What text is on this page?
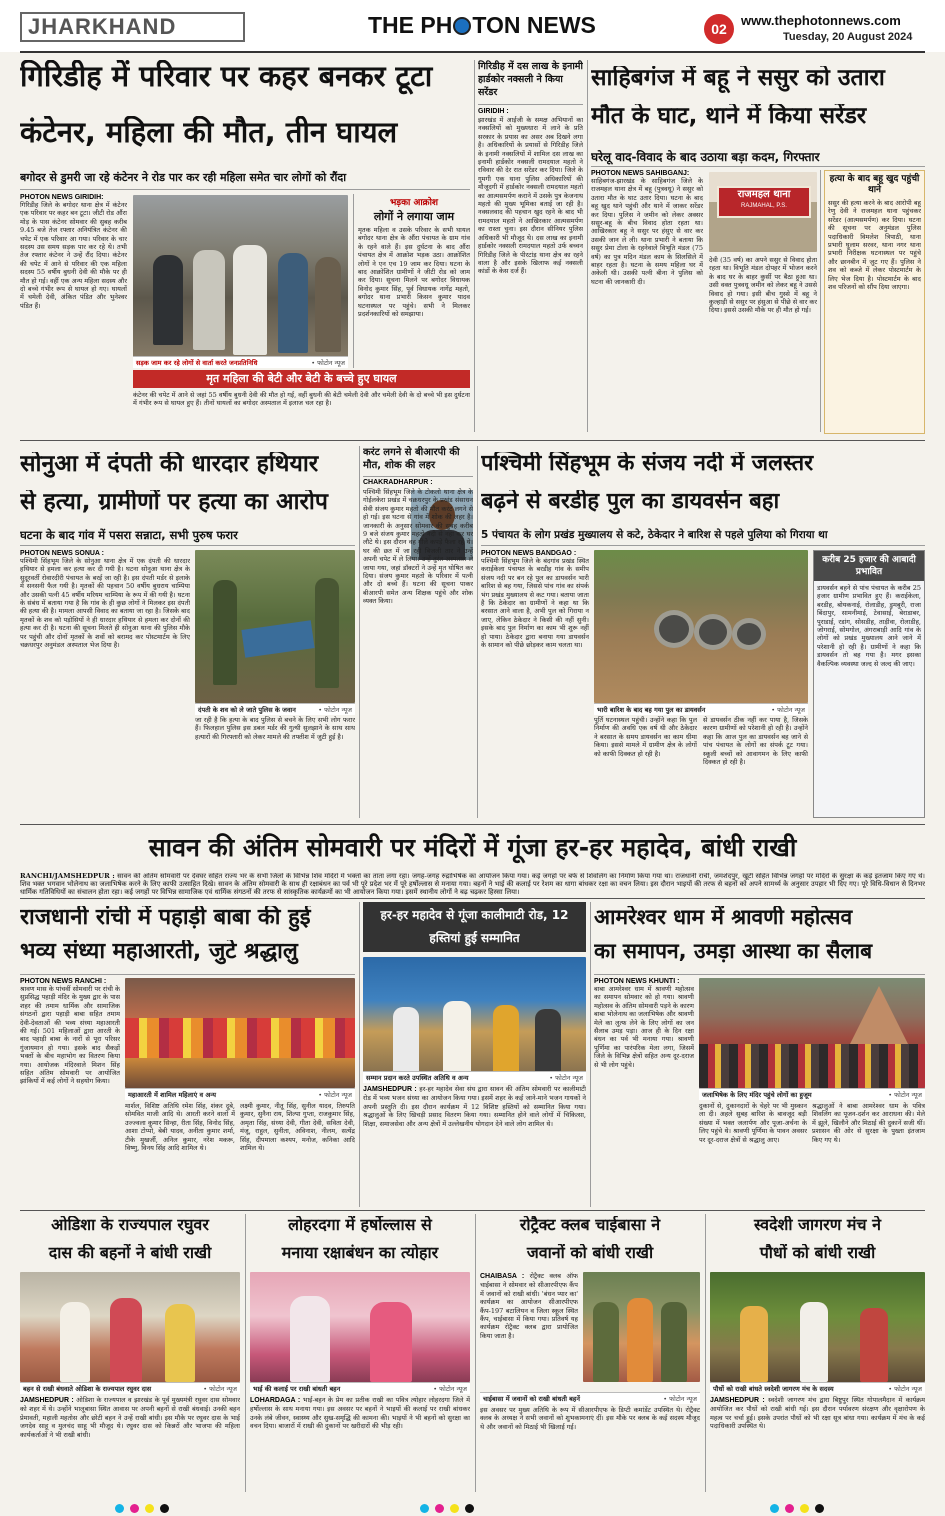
JHARKHAND	THE PH TON NEWS	02
www.thephotonnews.com
Tuesday, 20 August 2024
गिरिडीह में परिवार पर कहर बनकर टूटा
कंटेनर, महिला की मौत, तीन घायल
बगोदर से डुमरी जा रहे कंटेनर ने रोड पार कर रही महिला समेत चार लोगों को रौंदा
PHOTON NEWS GIRIDIH:
गिरिडीह जिले के बगोदर थाना क्षेत्र में कंटेनर एक परिवार पर कहर बन टूटा। जीटी रोड औंरा मोड़ के पास कंटेनर सोमवार की सुबह करीब 9.45 बजे तेज रफ्तार अनियंत्रित कंटेनर की चपेट में एक परिवार आ गया। परिवार के चार सदस्य उस समय सड़क पार कर रहे थे। तभी तेज रफ्तार कंटेनर ने उन्हें रौंद दिया। कंटेनर की चपेट में आने से परिवार की एक महिला सदस्य 55 वर्षीय बुधनी देवी की मौके पर ही मौत हो गई। वहीं एक अन्य महिला सदस्य और दो बच्चे गंभीर रूप से घायल हो गए। घायलों में चमेली देवी, अंकित पंडित और भुनेश्वर पंडित हैं।
• फोटोन न्यूज
सड़क जाम कर रहे लोगों से वार्ता करते जनप्रतिनिधि
भड़का आक्रोश
लोगों ने लगाया जाम
मृतक महिला व उसके परिवार के सभी घायल बगोदर थाना क्षेत्र के औंरा पंचायत के ग्राम गांव के रहने वाले हैं। इस दुर्घटना के बाद औंरा पंचायत क्षेत्र में आक्रोश भड़क उठा। आक्रोशित लोगों ने एन एच 19 जाम कर दिया। घटना के बाद आक्रोशित ग्रामीणों ने जीटी रोड को जाम कर दिया। सूचना मिलने पर बगोदर विधायक विनोद कुमार सिंह, पूर्व विधायक नागेंद्र महतो, बगोदर थाना प्रभारी किसन कुमार यादव घटनास्थल पर पहुंचे। सभी ने मिलकर प्रदर्शनकारियों को समझाया।
मृत महिला की बेटी और बेटी के बच्चे हुए घायल
कंटेनर की चपेट में आने से जहां 55 वर्षीय बुधनी देवी की मौत हो गई, वहीं बुधनी की बेटी चमेली देवी और चमेली देवी के दो बच्चे भी इस दुर्घटना में गंभीर रूप से घायल हुए हैं। तीनों घायलों का बगोदर अस्पताल में इलाज चल रहा है।
गिरिडीह में दस लाख के इनामी हार्डकोर नक्सली ने किया सरेंडर
GIRIDIH :
झारखंड में आईजी के समक्ष अभियानों का नक्सलियों को मुख्यधारा में लाने के प्रति सरकार के प्रयास का असर अब दिखने लगा है। अधिकारियों के प्रयासों से गिरिडीह जिले के इनामी नक्सलियों में शामिल दस लाख का इनामी हार्डकोर नक्सली रामदयाल महतो ने रविवार की देर रात सरेंडर कर दिया। जिले के गुमगी एक थाना पुलिस अधिकारियों की मौजूदगी में हार्डकोर नक्सली रामदयाल महतो का आत्मसमर्पण कराने में उसके पुत्र केजनाथ महतो की मुख्य भूमिका बताई जा रही है। नक्सलवाद की पहचान खुद रहने के बाद भी रामदयाल महतो ने आखिरकार आत्मसमर्पण का रास्ता चुना। इस दौरान सीनियर पुलिस अधिकारी भी मौजूद थे। दस लाख का इनामी हार्डकोर नक्सली रामदयाल महतो उर्फ बच्चन गिरिडीह जिले के पीरटांड़ थाना क्षेत्र का रहने वाला है और इसके खिलाफ कई नक्सली कांडों के केस दर्ज हैं।
साहिबगंज में बहू ने ससुर को उतारा
मौत के घाट, थाने में किया सरेंडर
घरेलू वाद-विवाद के बाद उठाया बड़ा कदम, गिरफ्तार
PHOTON NEWS SAHIBGANJ:
साहिबगंज-झारखंड के साहिबगंज जिले के राजमहल थाना क्षेत्र में बहू (पुत्रवधू) ने ससुर को उतारा मौत के घाट उतार दिया। घटना के बाद बहू खुद थाने पहुंची और थाने में जाकर सरेंडर कर दिया। पुलिस ने जमीन को लेकर अक्सर ससुर-बहू के बीच विवाद होता रहता था। आखिरकार बहू ने ससुर पर हंसुए से वार कर उसकी जान ले ली। थाना प्रभारी ने बताया कि ससुर प्रेमा टोला के रहनेवाले विभूति मंडल (75 वर्ष) का पुत्र मदिन मंडल काम के सिलसिले में बाहर रहता है। घटना के समय महिला घर में अकेली थी। उसकी पत्नी बीना ने पुलिस को घटना की जानकारी दी।
राजमहल थाना
RAJMAHAL, P.S.
देवी (35 वर्ष) का अपने ससुर से विवाद होता रहता था। विभूति मंडल दोपहर में भोजन करने के बाद घर के बाहर कुर्सी पर बैठा हुआ था। उसी वक्त पुत्रवधू जमीन को लेकर बहू ने उससे विवाद हो गया। इसी बीच गुस्से में बहू ने कुल्हाड़ी से ससुर पर हंसुआ से पीछे से वार कर दिया। इससे उसकी मौके पर ही मौत हो गई।
हत्या के बाद बहू खुद पहुंची थाने
ससुर की हत्या करने के बाद आरोपी बहू रेणु देवी ने राजमहल थाना पहुंचकर सरेंडर (आत्मसमर्पण) कर दिया। घटना की सूचना पर अनुमंडल पुलिस पदाधिकारी विमलेश त्रिपाठी, थाना प्रभारी घुलाम सरवर, थाना नगर थाना प्रभारी निरीक्षक घटनास्थल पर पहुंचे और छानबीन में जुट गए हैं। पुलिस ने शव को कब्जे में लेकर पोस्टमार्टम के लिए भेज दिया है। पोस्टमार्टम के बाद शव परिजनों को सौंप दिया जाएगा।
सोनुआ में दंपती की धारदार हथियार
से हत्या, ग्रामीणों पर हत्या का आरोप
घटना के बाद गांव में पसरा सन्नाटा, सभी पुरुष फरार
PHOTON NEWS SONUA :
पश्चिमी सिंहभूम जिले के सोनुआ थाना क्षेत्र में एक दंपती की धारदार हथियार से हमला कर हत्या कर दी गयी है। घटना सोनुआ थाना क्षेत्र के सुदूरवर्ती रोवारदीरी पंचायत के बरई जा रही है। इस दंपती मर्डर से इलाके में सनसनी फैल गयी है। मृतकों की पहचान 50 वर्षीय बुधराय चाम्पिया और उसकी पत्नी 45 वर्षीय मरियम चाम्पिया के रूप में की गयी है। घटना के संबंध में बताया गया है कि गांव के ही कुछ लोगों ने मिलकर इस दंपती की हत्या की है। मामला आपसी विवाद का बताया जा रहा है। जिसके बाद मृतकों के शव को पड़ोसियों ने ही धारदार हथियार से हमला कर दोनों की हत्या कर दी है। घटना की सूचना मिलते ही सोनुआ थाना की पुलिस मौके पर पहुंची और दोनों मृतकों के शवों को बरामद कर पोस्टमार्टम के लिए चक्रधरपुर अनुमंडल अस्पताल भेज दिया है।
• फोटोन न्यूज
दंपती के शव को ले जाते पुलिस के जवान
जा रही है कि हत्या के बाद पुलिस से बचने के लिए सभी लोग फरार हैं। फिलहाल पुलिस इस डबल मर्डर की गुत्थी सुलझाने के साथ साथ हत्यारों की गिरफ्तारी को लेकर मामले की तफ्तीश में जुटी हुई है।
करंट लगने से बीआरपी की मौत, शोक की लहर
CHAKRADHARPUR :
पश्चिमी सिंहभूम जिले के टोकलो थाना क्षेत्र के गोईलकेरा प्रखंड में चक्रधरपुर के प्रखंड संसाधन सेवी संजय कुमार महतो की मौत करंट लगने से हो गई। इस घटना से गांव में शोक की लहर है। जानकारी के अनुसार सोमवार की सुबह करीब 9 बजे संजय कुमार महतो नदी से नहा कर घर लौटे थे। इस दौरान वह गीले कपड़े फैला रहे थे। घर की छत में जा रही बिजली तार ने उन्हें अपनी चपेट में ले लिया। उन्हें तुरंत अस्पताल ले जाया गया, जहां डॉक्टरों ने उन्हें मृत घोषित कर दिया। संजय कुमार महतो के परिवार में पत्नी और दो बच्चे हैं। घटना की सूचना पाकर बीआरपी समेत अन्य शिक्षक पहुंचे और शोक व्यक्त किया।
पश्चिमी सिंहभूम के संजय नदी में जलस्तर
बढ़ने से बरडीह पुल का डायवर्सन बहा
5 पंचायत के लोग प्रखंड मुख्यालय से कटे, ठेकेदार ने बारिश से पहले पुलिया को गिराया था
PHOTON NEWS BANDGAO :
पश्चिमी सिंहभूम जिले के बंदगांव प्रखंड स्थित कराईकेला पंचायत के बरडीह गांव के समीप संजय नदी पर बन रहे पुल का डायवर्सन भारी बारिश से बह गया, जिससे पांच गांव का संपर्क भंग प्रखंड मुख्यालय से कट गया। बताया जाता है कि ठेकेदार का ग्रामीणों ने कहा था कि बरसात आने वाला है, अभी पुल को गिराया न जाए, लेकिन ठेकेदार ने किसी की नहीं सुनी। इसके बाद पुल निर्माण का काम भी शुरू नहीं हो पाया। ठेकेदार द्वारा बनाया गया डायवर्सन के सामान को पीछे छोड़कर काम चलता था।
• फोटोन न्यूज
भारी बारिश के बाद बह गया पुल का डायवर्सन
पूर्ति घटनास्थल पहुंची। उन्होंने कहा कि पुल निर्माण की अवधि एक वर्ष थी और ठेकेदार ने बरसात के समय डायवर्सन का काम धीमा किया। इससे मामले में ग्रामीण क्षेत्र के लोगों को काफी दिक्कत हो रही है।
से डायवर्सन ठीक नहीं कर पाया है, जिसके कारण ग्रामीणों को परेशानी हो रही है। उन्होंने कहा कि आज पुल का डायवर्सन बह जाने से पांच पंचायत के लोगों का संपर्क टूट गया। स्कूली बच्चों को आवागमन के लिए काफी दिक्कत हो रही है।
करीब 25 हजार की आबादी प्रभावित
डायवर्सन बहने से पांच पंचायत के करीब 25 हजार ग्रामीण प्रभावित हुए हैं। कराईकेला, बरडीह, बोयकनाई, रोलाडीह, डुमबुरी, राजा बिंदापुर, सामनीमाई, टेवासाई, बेराडाबर, पुराडाई, रडांग, सोसडीह, ताड़ीवा, रोलाडीह, जोगराई, सोमगोल, अंगराबाड़ी आदि गांव के लोगों को प्रखंड मुख्यालय आने जाने में परेशानी हो रही है। ग्रामीणों ने कहा कि डायवर्सन तो बह गया है। मगर इसका वैकल्पिक व्यवस्था जल्द से जल्द की जाए।
सावन की अंतिम सोमवारी पर मंदिरों में गूंजा हर-हर महादेव, बांधी राखी
RANCHI/JAMSHEDPUR : सावन की अंतिम सोमवारी पर देवघर सहित राज्य भर के सभी जिलों के विभिन्न शिव मंदिरों में भक्तों का तांता लगा रहा। जगह-जगह रुद्राभिषेक का आयोजन किया गया। कई जगहों पर बर्फ से शिवलिंग का निर्माण किया गया था। राजधानी रांची, जमशेदपुर, खूंटी सहित विभिन्न जगहों पर मंदिरों के सुरक्षा के कड़े इंतजाम किए गए थे। शिव भक्त भगवान भोलेनाथ का जलाभिषेक करने के लिए काफी उत्साहित दिखे। सावन के अंतिम सोमवारी के साथ ही रक्षाबंधन का पर्व भी पूरे प्रदेश भर में पूरे हर्षोल्लास से मनाया गया। बहनों ने भाई की कलाई पर रेशम का धागा बांधकर रक्षा का वचन लिया। इस दौरान भाइयों की तरफ से बहनों को अपने सामर्थ्य के अनुसार उपहार भी दिए गए। पूरे विधि-विधान से दिनभर धार्मिक गतिविधियों का संचालन होता रहा। कई जगहों पर विभिन्न सामाजिक एवं धार्मिक संगठनों की तरफ से सांस्कृतिक कार्यक्रमों का भी आयोजन किया गया। इसमें स्थानीय लोगों ने बढ़ चढ़कर हिस्सा लिया।
राजधानी रांची में पहाड़ी बाबा की हुई
भव्य संध्या महाआरती, जुटे श्रद्धालु
PHOTON NEWS RANCHI :
श्रावण मास के पांचवीं सोमवारी पर रांची के सुप्रसिद्ध पहाड़ी मंदिर के मुख्य द्वार के पास शहर की तमाम धार्मिक और सामाजिक संगठनों द्वारा पहाड़ी बाबा सहित तमाम देवी-देवताओं की भव्य संध्या महाआरती की गई। 501 महिलाओं द्वारा आरती के बाद पहाड़ी बाबा के नारों से पूरा परिसर गुंजायमान हो गया। इसके बाद सैकड़ों भक्तों के बीच महाभोग का वितरण किया गया। आयोजक मंदिरवाले मिशन सिंह सहित अंतिम सोमवारी पर आयोजित झांकियों में कई लोगों ने सहयोग किया।
• फोटोन न्यूज
महाआरती में शामिल महिलाएं व अन्य
मार्शल, विशिष्ट अतिथि रमेश सिंह, शंकर दूबे, सोमवित माजी आदि थे। आरती करने वालों में उज्ज्वला कुमार सिन्हा, रीता सिंह, विनोद सिंह, आशा टोप्पो, बेबी यादव, अनीता कुमार शर्मा, टीके मुखर्जी, अनिल कुमार, नरेश मकरू, विष्णु, विनय सिंह आदि शामिल थे।
लक्ष्मी कुमार, नीतू सिंह, सुनील यादव, तिरुपति कुमार, सुनैना राय, शिल्पा गुप्ता, राजकुमार सिंह, अमृता सिंह, संध्या देवी, गीता देवी, सविता देवी, मंजू, राहुल, सुनीता, अविनाश, नीलम, सत्येंद्र सिंह, दीपमाला कश्यप, मनोज, कनिका आदि शामिल थे।
हर-हर महादेव से गूंजा कालीमाटी रोड, 12 हस्तियां हुई सम्मानित
• फोटोन न्यूज
सम्मान प्रदान करते उपस्थित अतिथि व अन्य
JAMSHEDPUR : हर-हर महादेव सेवा संघ द्वारा सावन की अंतिम सोमवारी पर कालीमाटी रोड में भव्य भजन संध्या का आयोजन किया गया। इसमें शहर के कई जाने-माने भजन गायकों ने अपनी प्रस्तुति दी। इस दौरान कार्यक्रम में 12 विशिष्ट हस्तियों को सम्मानित किया गया। श्रद्धालुओं के लिए खिचड़ी प्रसाद वितरण किया गया। सम्मानित होने वाले लोगों में चिकित्सा, शिक्षा, समाजसेवा और अन्य क्षेत्रों में उल्लेखनीय योगदान देने वाले लोग शामिल थे।
आमरेश्वर धाम में श्रावणी महोत्सव
का समापन, उमड़ा आस्था का सैलाब
PHOTON NEWS KHUNTI :
बाबा आमरेश्वर धाम में श्रावणी महोत्सव का समापन सोमवार को हो गया। श्रावणी महोत्सव के अंतिम सोमवारी पड़ने के कारण बाबा भोलेनाथ का जलाभिषेक और श्रावणी मेले का लुत्फ लेने के लिए लोगों का जन सैलाब उमड़ पड़ा। आज ही के दिन रक्षा बंधन का पर्व भी मनाया गया। श्रावणी पूर्णिमा का पारंपरिक मेला लगा, जिसमें जिले के विभिन्न क्षेत्रों सहित अन्य दूर-दराज से भी लोग पहुंचे।
• फोटोन न्यूज
जलाभिषेक के लिए मंदिर पहुंचे लोगों का हुजूम
दुकानों से, दुकानदारों के चेहरे पर भी मुस्कान ला दी। अहले सुबह बारिश के बावजूद बड़ी संख्या में भक्त जलार्पण और पूजा-अर्चना के लिए पहुंचे थे। श्रावणी पूर्णिमा के पावन अवसर पर दूर-दराज क्षेत्रों से श्रद्धालु आए।
श्रद्धालुओं ने बाबा आमरेश्वर धाम के पवित्र शिवलिंग का पूजन-दर्शन कर आराधना की। मेले में झूले, खिलौने और मिठाई की दुकानें सजी थीं। प्रशासन की ओर से सुरक्षा के पुख्ता इंतजाम किए गए थे।
ओडिशा के राज्यपाल रघुवर
दास की बहनों ने बांधी राखी
• फोटोन न्यूज
बहन से राखी बंधवाते ओडिशा के राज्यपाल रघुवर दास
JAMSHEDPUR : ओडिशा के राज्यपाल व झारखंड के पूर्व मुख्यमंत्री रघुवर दास सोमवार को शहर में थे। उन्होंने भालूबासा स्थित आवास पर अपनी बहनों से राखी बंधवाई। उनकी बहन प्रेमावती, महाली महतोस और छोटी बहन ने उन्हें राखी बांधी। इस मौके पर रघुवर दास के भाई जगदेव साहू व मुलचंद साहू भी मौजूद थे। रघुवर दास को किन्नरों और भाजपा की महिला कार्यकर्ताओं ने भी राखी बांधी।
लोहरदगा में हर्षोल्लास से
मनाया रक्षाबंधन का त्योहार
• फोटोन न्यूज
भाई की कलाई पर राखी बांधती बहन
LOHARDAGA : भाई-बहन के प्रेम का प्रतीक राखी का पवित्र त्योहार लोहरदगा जिले में हर्षोल्लास के साथ मनाया गया। इस अवसर पर बहनों ने भाइयों की कलाई पर राखी बांधकर उनके लंबे जीवन, स्वास्थ्य और सुख-समृद्धि की कामना की। भाइयों ने भी बहनों को सुरक्षा का वचन दिया। बाजारों में राखी की दुकानों पर खरीदारों की भीड़ रही।
रोट्रैक्ट क्लब चाईबासा ने
जवानों को बांधी राखी
CHAIBASA : रोट्रैक्ट क्लब ऑफ चाईबासा ने सोमवार को सीआरपीएफ कैंप में जवानों को राखी बांधी। 'बंधन प्यार का' कार्यक्रम का आयोजन सीआरपीएफ कैंप-197 बटालियन व जिला स्कूल स्थित कैंप, चाईबासा में किया गया। प्रतिवर्ष यह कार्यक्रम रोट्रैक्ट क्लब द्वारा प्रायोजित किया जाता है।
• फोटोन न्यूज
चाईबासा में जवानों को राखी बांधती बहनें
इस अवसर पर मुख्य अतिथि के रूप में सीआरपीएफ के डिप्टी कमांडेंट उपस्थित थे। रोट्रैक्ट क्लब के अध्यक्ष ने सभी जवानों को शुभकामनाएं दीं। इस मौके पर क्लब के कई सदस्य मौजूद थे और जवानों को मिठाई भी खिलाई गई।
स्वदेशी जागरण मंच ने
पौधों को बांधी राखी
• फोटोन न्यूज
पौधों को राखी बांधते स्वदेशी जागरण मंच के सदस्य
JAMSHEDPUR : स्वदेशी जागरण मंच द्वारा बिष्टुपुर स्थित गोपालमैदान में कार्यक्रम आयोजित कर पौधों को राखी बांधी गई। इस दौरान पर्यावरण संरक्षण और वृक्षारोपण के महत्व पर चर्चा हुई। इसके उपरांत पौधों को भी रक्षा सूत्र बांधा गया। कार्यक्रम में मंच के कई पदाधिकारी उपस्थित थे।
